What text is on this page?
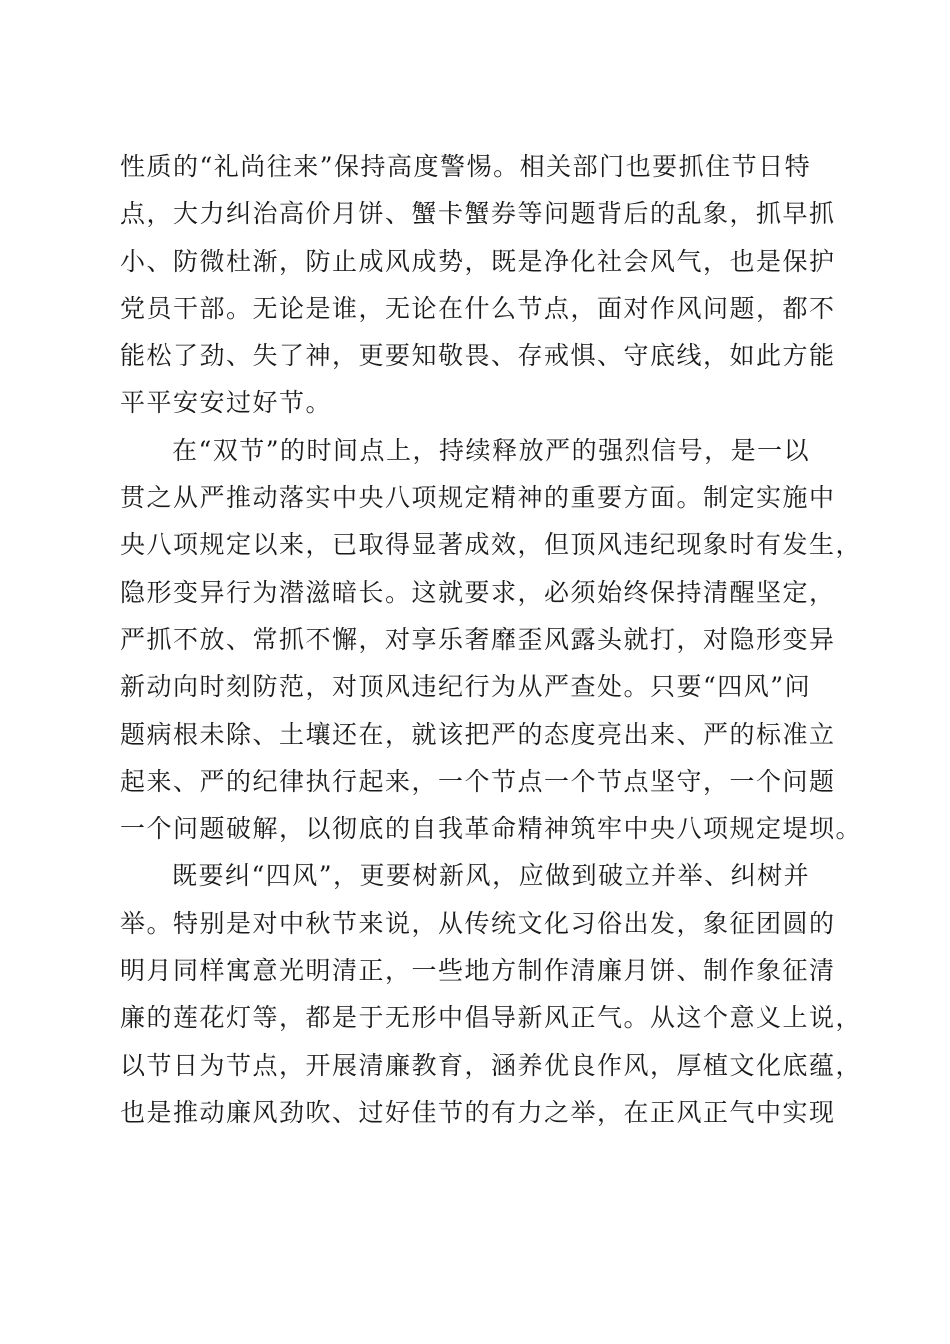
性质的“礼尚往来”保持高度警惕。相关部门也要抓住节日特
点，大力纠治高价月饼、蟹卡蟹券等问题背后的乱象，抓早抓
小、防微杜渐，防止成风成势，既是净化社会风气，也是保护
党员干部。无论是谁，无论在什么节点，面对作风问题，都不
能松了劲、失了神，更要知敬畏、存戒惧、守底线，如此方能
平平安安过好节。
在“双节”的时间点上，持续释放严的强烈信号，是一以
贯之从严推动落实中央八项规定精神的重要方面。制定实施中
央八项规定以来，已取得显著成效，但顶风违纪现象时有发生，
隐形变异行为潜滋暗长。这就要求，必须始终保持清醒坚定，
严抓不放、常抓不懈，对享乐奢靡歪风露头就打，对隐形变异
新动向时刻防范，对顶风违纪行为从严查处。只要“四风”问
题病根未除、土壤还在，就该把严的态度亮出来、严的标准立
起来、严的纪律执行起来，一个节点一个节点坚守，一个问题
一个问题破解，以彻底的自我革命精神筑牢中央八项规定堤坝。
既要纠“四风”，更要树新风，应做到破立并举、纠树并
举。特别是对中秋节来说，从传统文化习俗出发，象征团圆的
明月同样寓意光明清正，一些地方制作清廉月饼、制作象征清
廉的莲花灯等，都是于无形中倡导新风正气。从这个意义上说，
以节日为节点，开展清廉教育，涵养优良作风，厚植文化底蕴，
也是推动廉风劲吹、过好佳节的有力之举，在正风正气中实现
